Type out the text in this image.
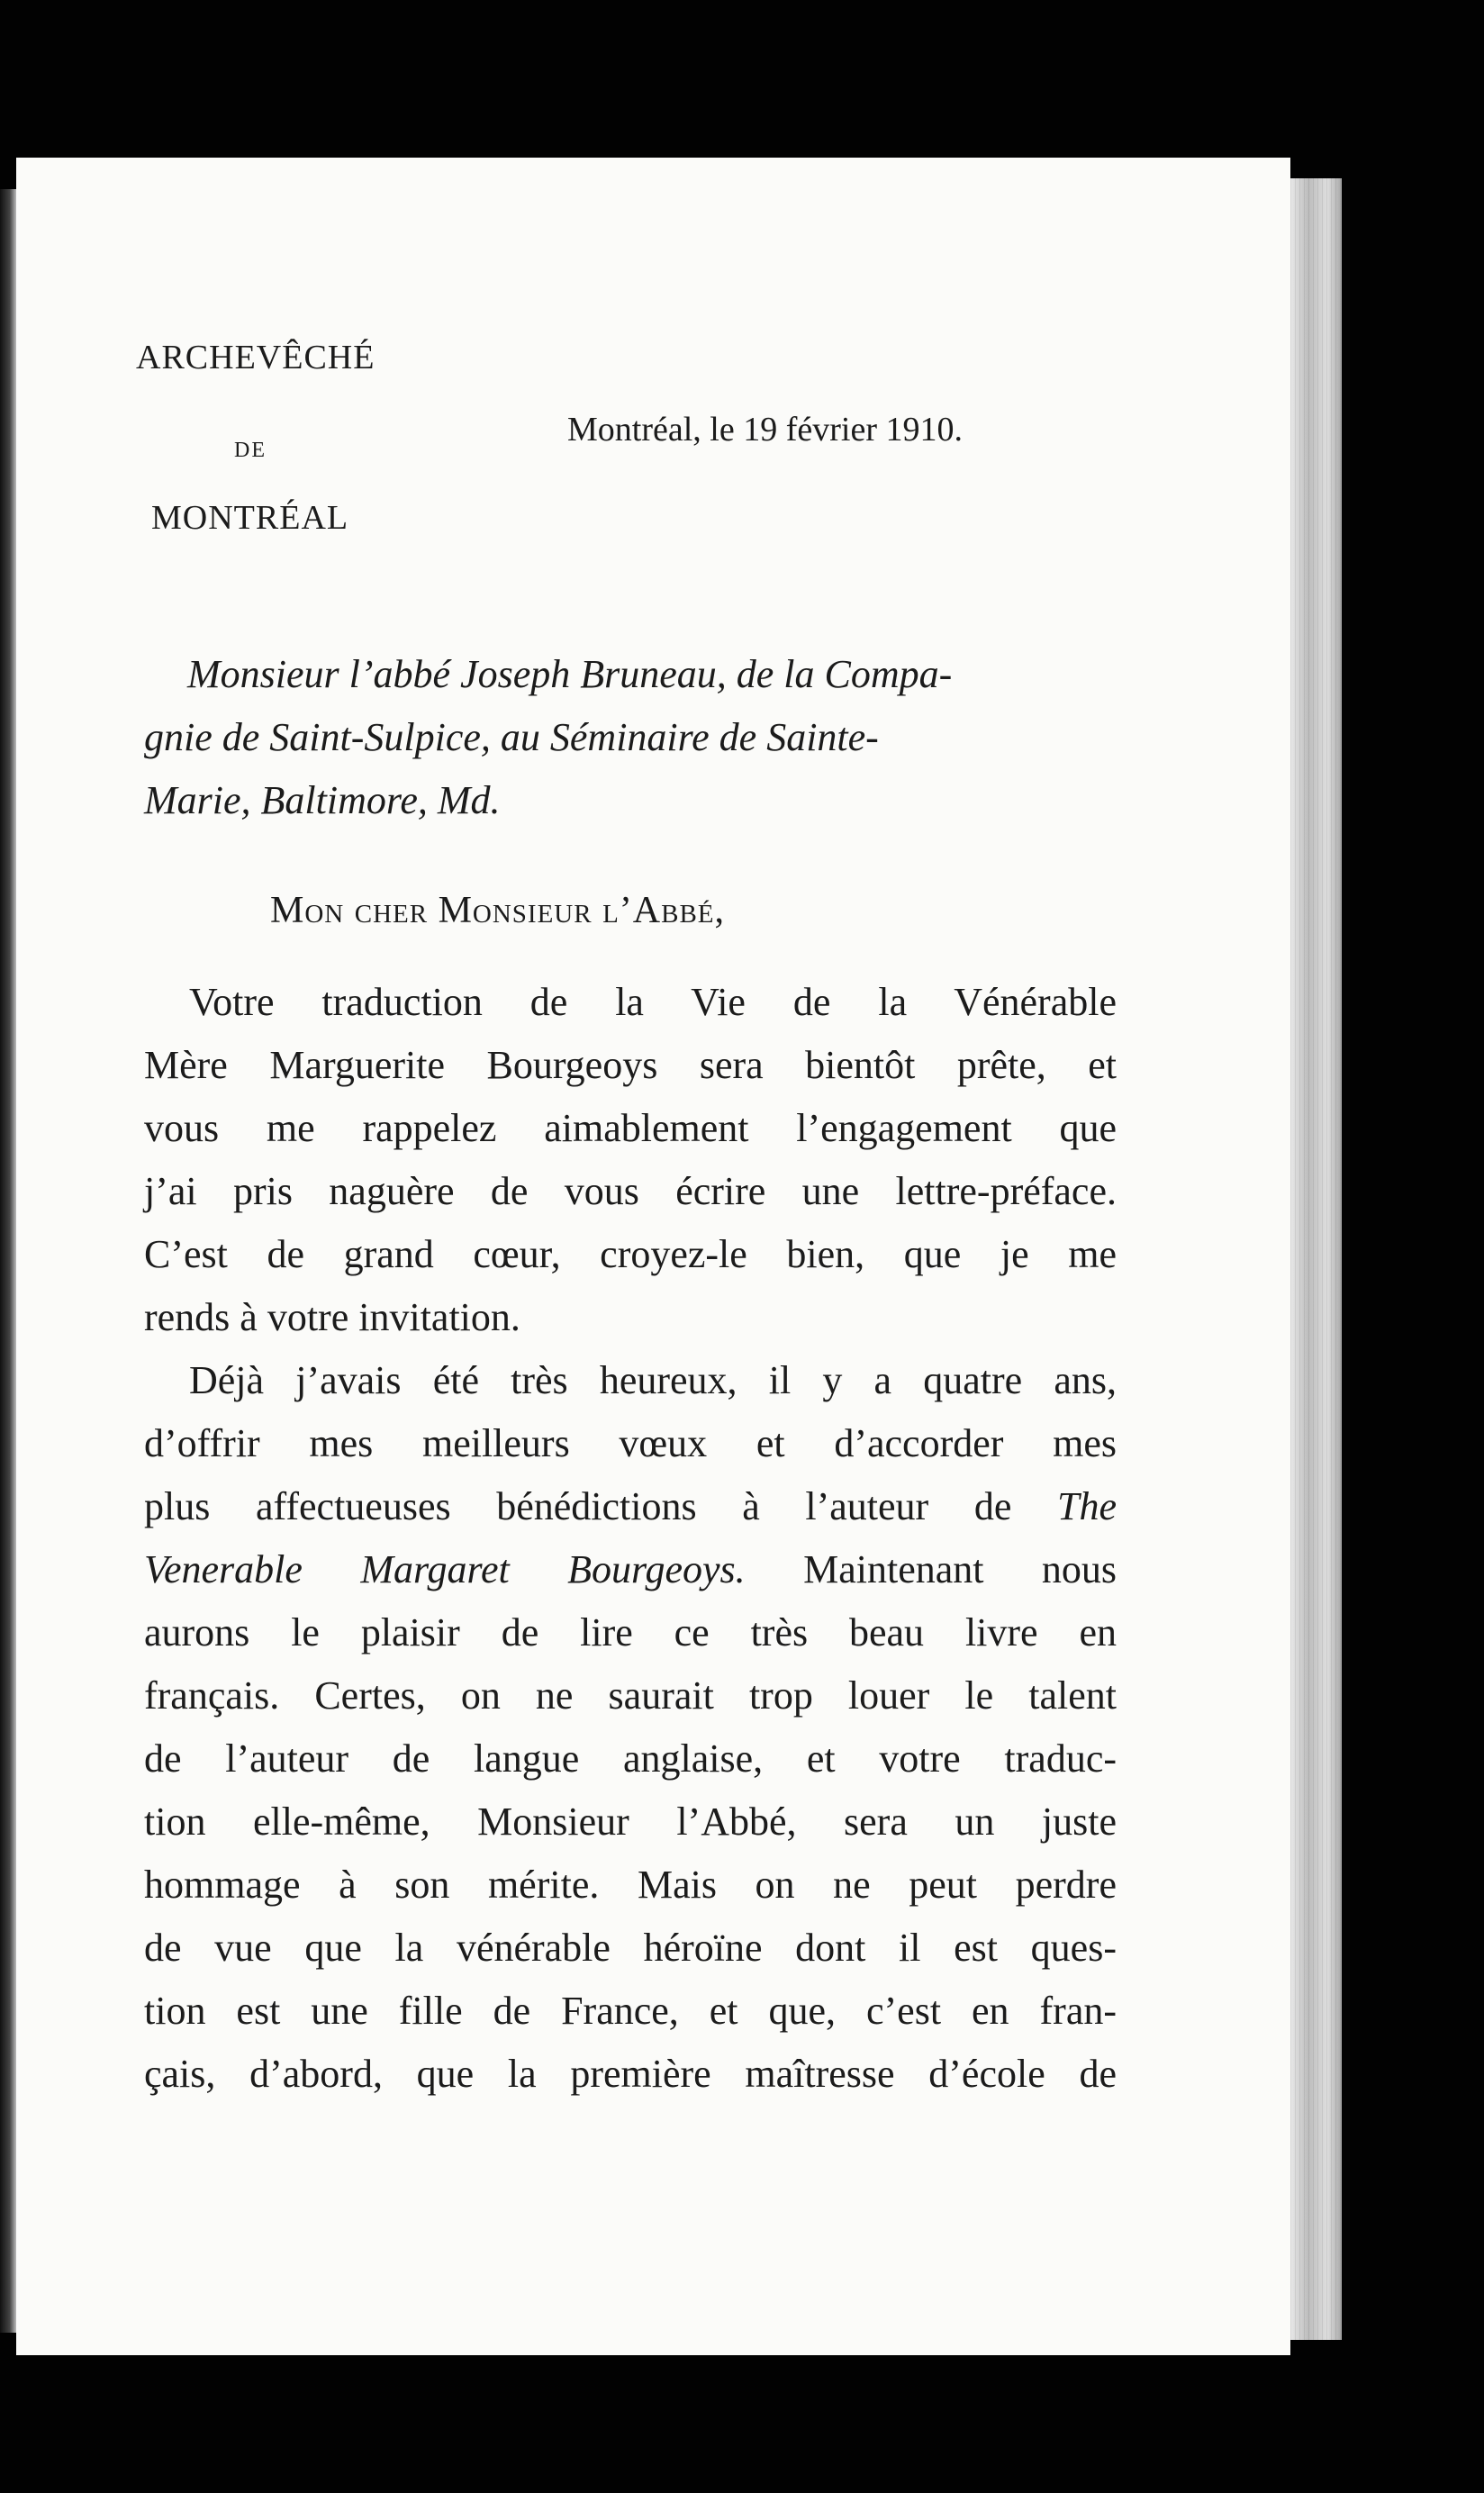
ARCHEVÊCHÉ
DE
MONTRÉAL
Montréal, le 19 février 1910.
Monsieur l’abbé Joseph Bruneau, de la Compa-
gnie de Saint-Sulpice, au Séminaire de Sainte-
Marie, Baltimore, Md.
Mon cher Monsieur l’Abbé,
Votre traduction de la Vie de la Vénérable
Mère Marguerite Bourgeoys sera bientôt prête, et
vous me rappelez aimablement l’engagement que
j’ai pris naguère de vous écrire une lettre-préface.
C’est de grand cœur, croyez-le bien, que je me
rends à votre invitation.
Déjà j’avais été très heureux, il y a quatre ans,
d’offrir mes meilleurs vœux et d’accorder mes
plus affectueuses bénédictions à l’auteur de The
Venerable Margaret Bourgeoys. Maintenant nous
aurons le plaisir de lire ce très beau livre en
français. Certes, on ne saurait trop louer le talent
de l’auteur de langue anglaise, et votre traduc-
tion elle-même, Monsieur l’Abbé, sera un juste
hommage à son mérite. Mais on ne peut perdre
de vue que la vénérable héroïne dont il est ques-
tion est une fille de France, et que, c’est en fran-
çais, d’abord, que la première maîtresse d’école de
